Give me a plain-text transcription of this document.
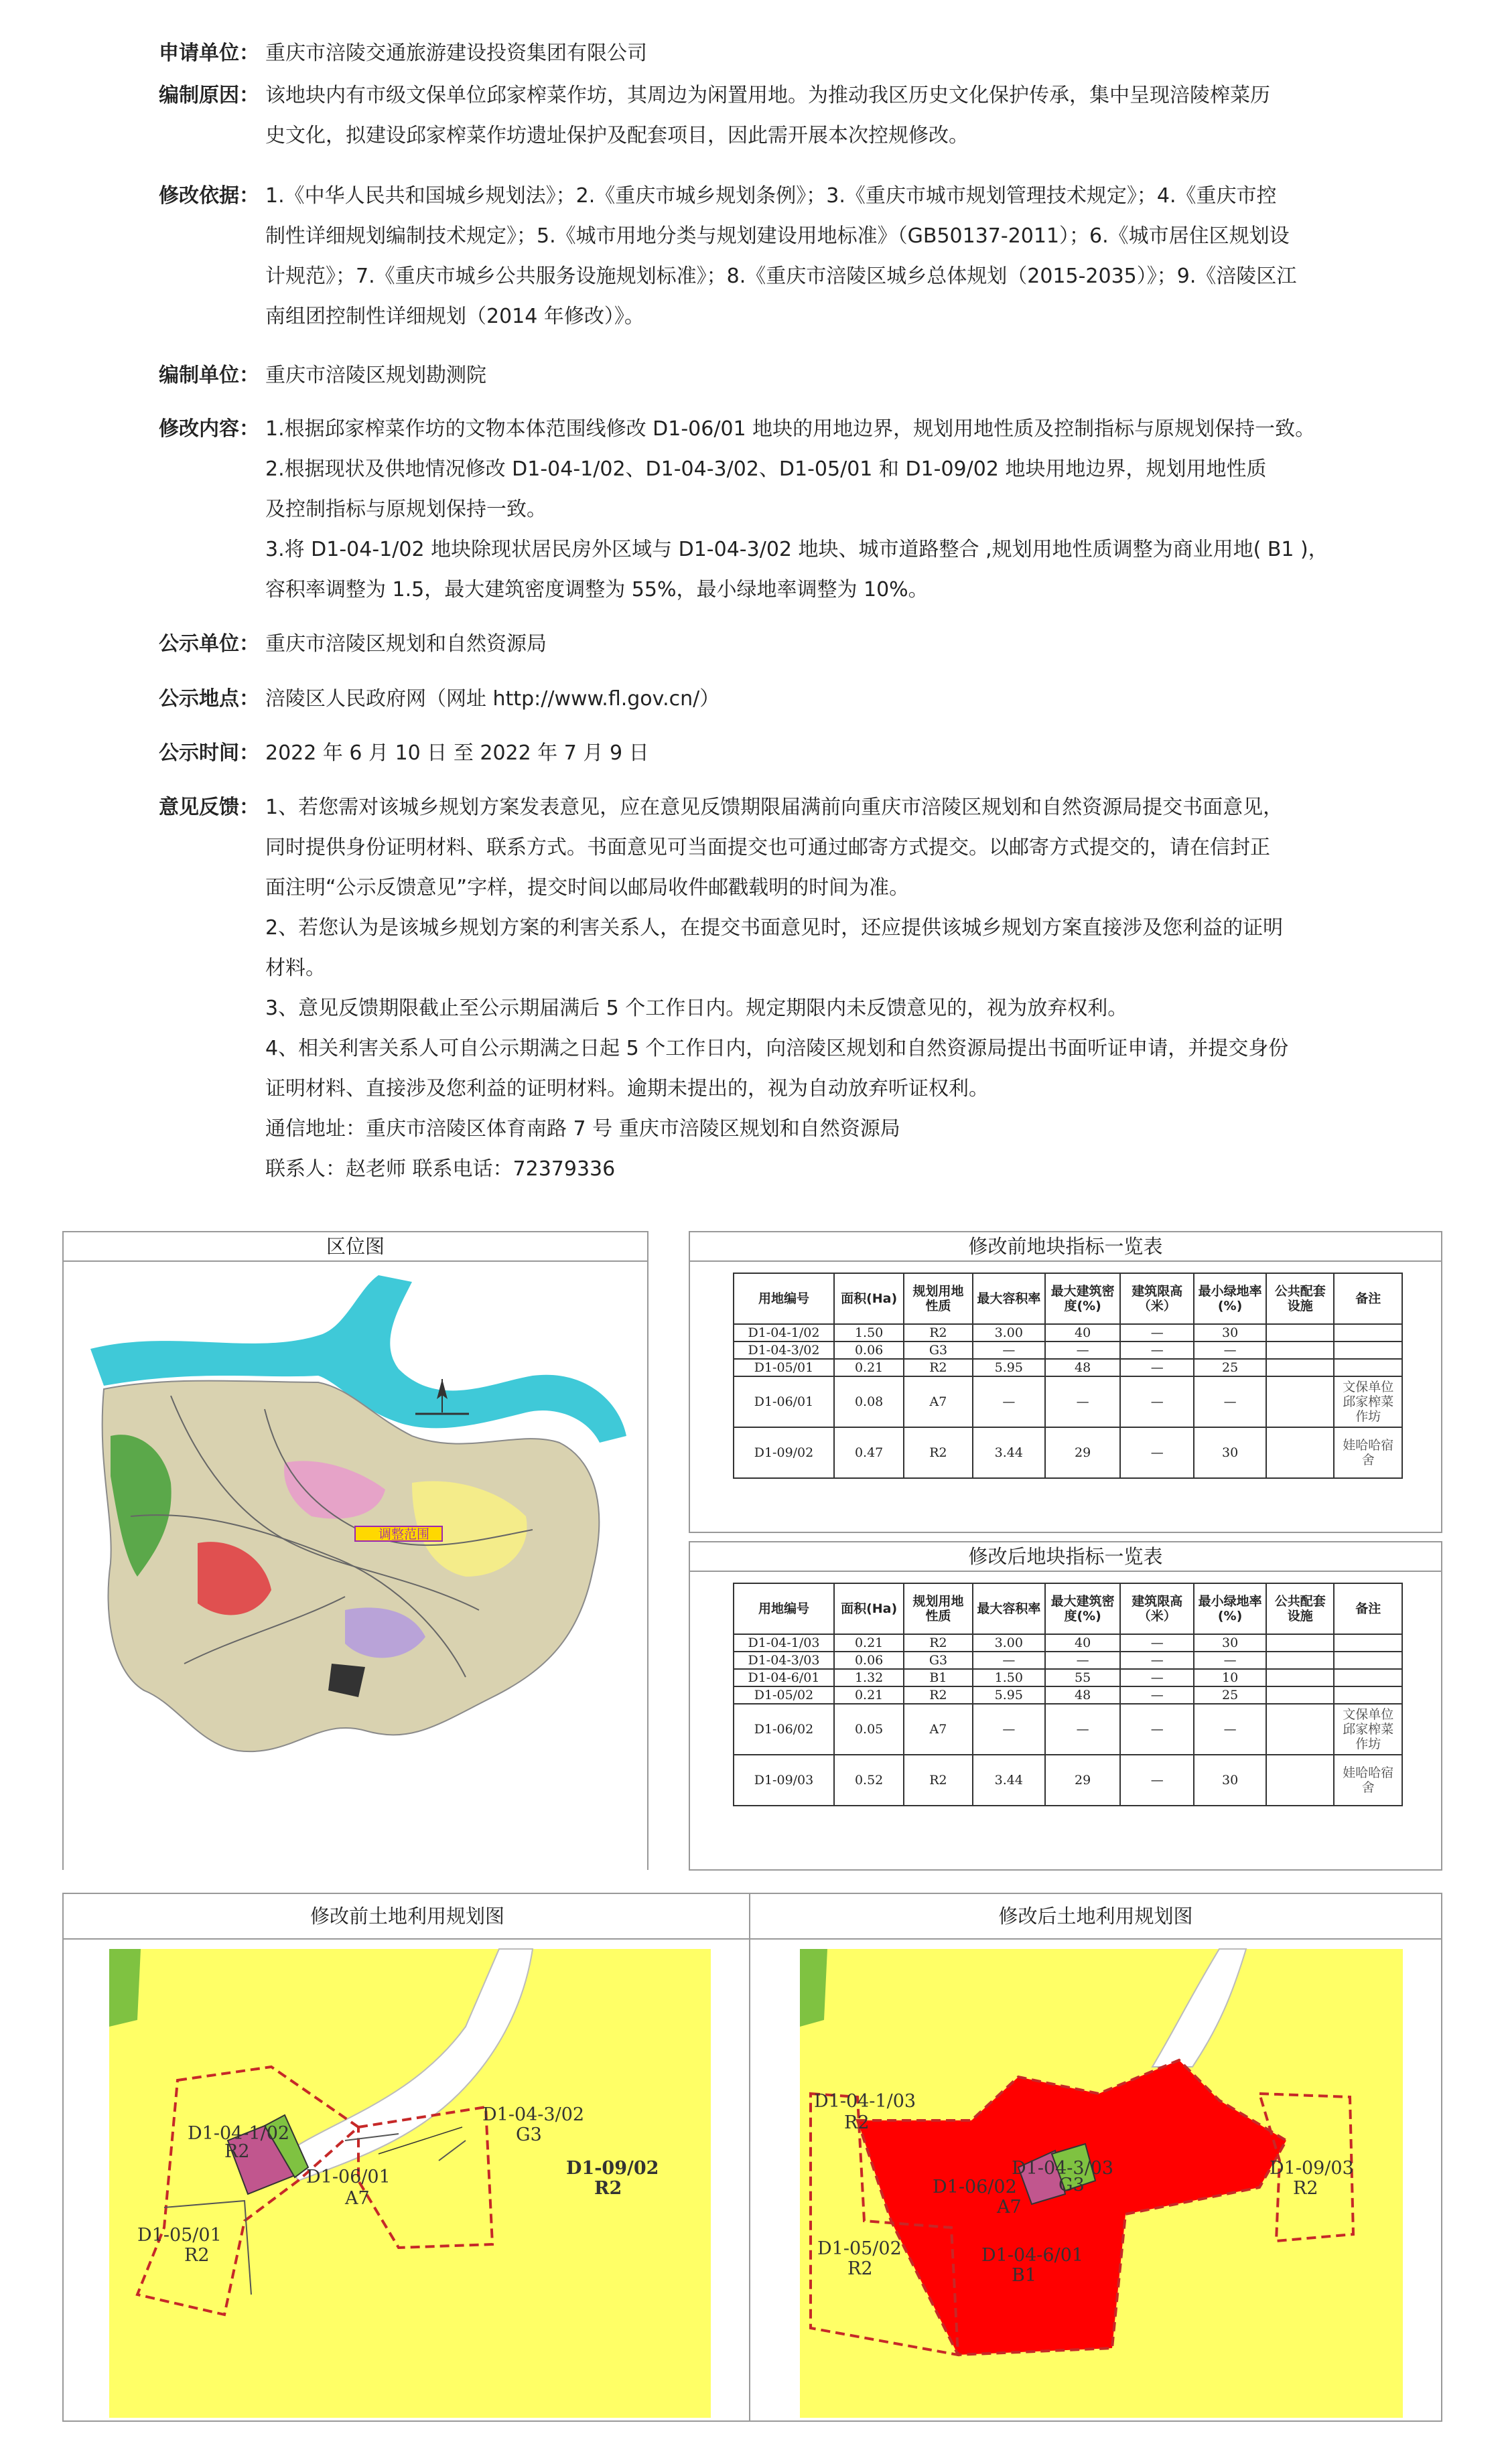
申请单位： 重庆市涪陵交通旅游建设投资集团有限公司

编制原因： 该地块内有市级文保单位邱家榨菜作坊，其周边为闲置用地。为推动我区历史文化保护传承，集中呈现涪陵榨菜历

史文化，拟建设邱家榨菜作坊遗址保护及配套项目，因此需开展本次控规修改。

修改依据： 1.《中华人民共和国城乡规划法》；2.《重庆市城乡规划条例》；3.《重庆市城市规划管理技术规定》；4.《重庆市控

制性详细规划编制技术规定》；5.《城市用地分类与规划建设用地标准》（GB50137-2011）；6.《城市居住区规划设

计规范》；7.《重庆市城乡公共服务设施规划标准》；8.《重庆市涪陵区城乡总体规划（2015-2035）》；9.《涪陵区江

南组团控制性详细规划（2014 年修改）》。

编制单位： 重庆市涪陵区规划勘测院

修改内容： 1.根据邱家榨菜作坊的文物本体范围线修改 D1-06/01 地块的用地边界，规划用地性质及控制指标与原规划保持一致。

2.根据现状及供地情况修改 D1-04-1/02、D1-04-3/02、D1-05/01 和 D1-09/02 地块用地边界，规划用地性质

及控制指标与原规划保持一致。

3.将 D1-04-1/02 地块除现状居民房外区域与 D1-04-3/02 地块、城市道路整合 ,规划用地性质调整为商业用地( B1 )，

容积率调整为 1.5，最大建筑密度调整为 55%，最小绿地率调整为 10%。

公示单位： 重庆市涪陵区规划和自然资源局

公示地点： 涪陵区人民政府网（网址 http://www.fl.gov.cn/）

公示时间： 2022 年 6 月 10 日 至 2022 年 7 月 9 日

意见反馈： 1、若您需对该城乡规划方案发表意见，应在意见反馈期限届满前向重庆市涪陵区规划和自然资源局提交书面意见，

同时提供身份证明材料、联系方式。书面意见可当面提交也可通过邮寄方式提交。以邮寄方式提交的，请在信封正

面注明“公示反馈意见”字样，提交时间以邮局收件邮戳载明的时间为准。

2、若您认为是该城乡规划方案的利害关系人，在提交书面意见时，还应提供该城乡规划方案直接涉及您利益的证明

材料。

3、意见反馈期限截止至公示期届满后 5 个工作日内。规定期限内未反馈意见的，视为放弃权利。

4、相关利害关系人可自公示期满之日起 5 个工作日内，向涪陵区规划和自然资源局提出书面听证申请，并提交身份

证明材料、直接涉及您利益的证明材料。逾期未提出的，视为自动放弃听证权利。

通信地址：重庆市涪陵区体育南路 7 号 重庆市涪陵区规划和自然资源局

联系人：赵老师 联系电话：72379336

区位图
调整范围
修改前地块指标一览表
用地编号	面积(Ha)	规划用地性质	最大容积率	最大建筑密度(%)	建筑限高（米）	最小绿地率(%)	公共配套设施	备注
D1-04-1/02	1.50	R2	3.00	40	—	30		
D1-04-3/02	0.06	G3	—	—	—	—		
D1-05/01	0.21	R2	5.95	48	—	25		
D1-06/01	0.08	A7	—	—	—	—		文保单位邱家榨菜作坊
D1-09/02	0.47	R2	3.44	29	—	30		娃哈哈宿舍
修改后地块指标一览表
用地编号	面积(Ha)	规划用地性质	最大容积率	最大建筑密度(%)	建筑限高（米）	最小绿地率(%)	公共配套设施	备注
D1-04-1/03	0.21	R2	3.00	40	—	30		
D1-04-3/03	0.06	G3	—	—	—	—		
D1-04-6/01	1.32	B1	1.50	55	—	10		
D1-05/02	0.21	R2	5.95	48	—	25		
D1-06/02	0.05	A7	—	—	—	—		文保单位邱家榨菜作坊
D1-09/03	0.52	R2	3.44	29	—	30		娃哈哈宿舍
修改前土地利用规划图
D1-04-1/02
R2
D1-06/01
A7
D1-04-3/02
G3
D1-09/02
R2
D1-05/01
R2
修改后土地利用规划图
D1-04-1/03
R2
D1-04-3/03
D1-06/02
A7
G3
D1-09/03
R2
D1-05/02
R2
D1-04-6/01
B1
